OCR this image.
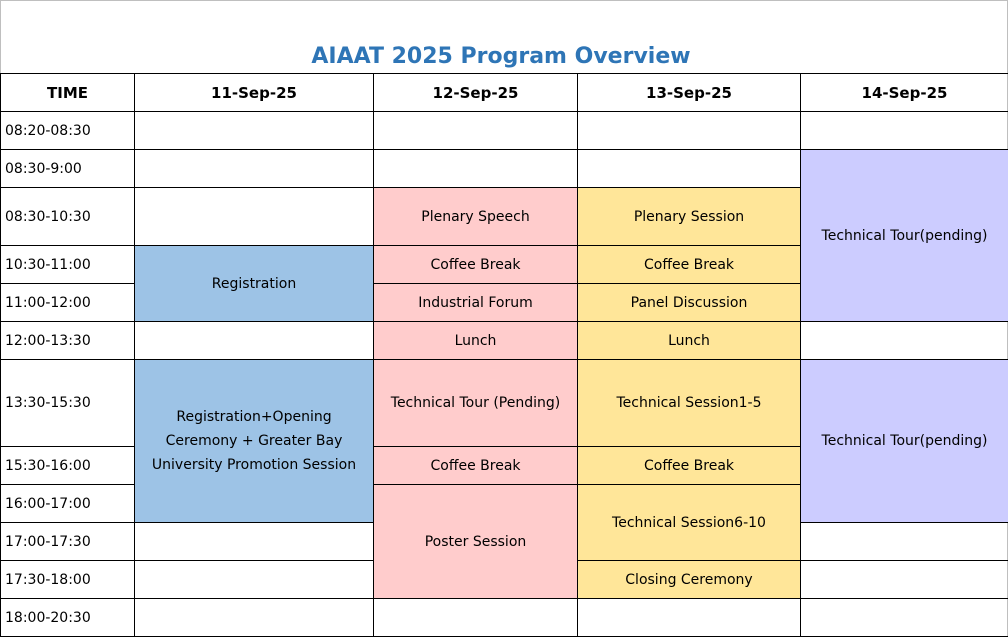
AIAAT 2025 Program Overview
TIME	11-Sep-25	12-Sep-25	13-Sep-25	14-Sep-25
08:20-08:30				
08:30-9:00				Technical Tour(pending)
08:30-10:30		Plenary Speech	Plenary Session	
10:30-11:00	Registration	Coffee Break	Coffee Break	
11:00-12:00		Industrial Forum	Panel Discussion	
12:00-13:30		Lunch	Lunch	
13:30-15:30	Registration+Opening Ceremony + Greater Bay University Promotion Session	Technical Tour (Pending)	Technical Session1-5	Technical Tour(pending)
15:30-16:00		Coffee Break	Coffee Break	
16:00-17:00		Poster Session	Technical Session6-10	
17:00-17:30				
17:30-18:00			Closing Ceremony	
18:00-20:30				
